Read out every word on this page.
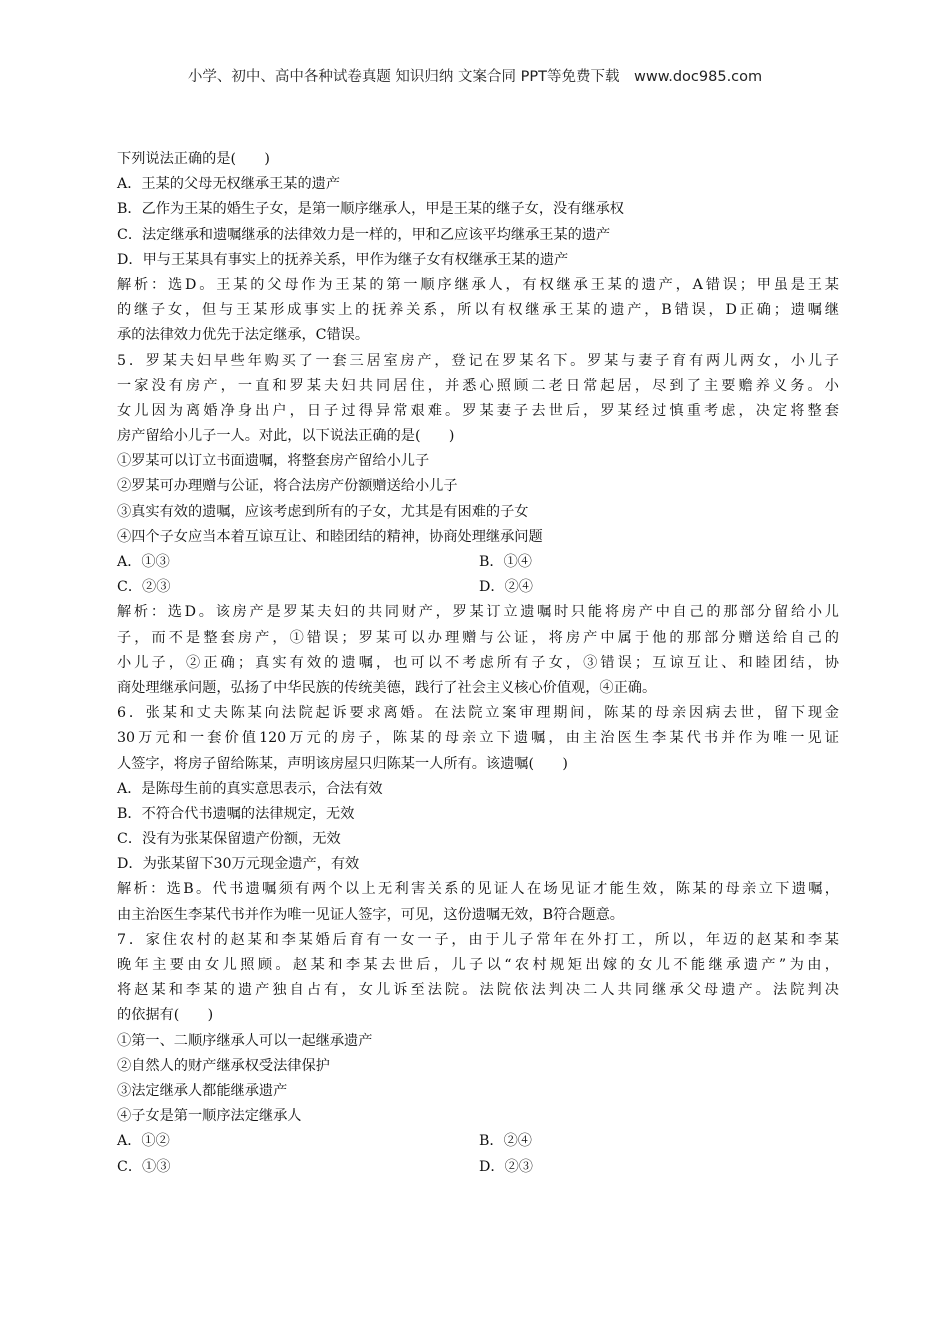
小学、初中、高中各种试卷真题 知识归纳 文案合同 PPT等免费下载　www.doc985.com
下列说法正确的是(　　)
A．王某的父母无权继承王某的遗产
B．乙作为王某的婚生子女，是第一顺序继承人，甲是王某的继子女，没有继承权
C．法定继承和遗嘱继承的法律效力是一样的，甲和乙应该平均继承王某的遗产
D．甲与王某具有事实上的抚养关系，甲作为继子女有权继承王某的遗产
解析：选D。王某的父母作为王某的第一顺序继承人，有权继承王某的遗产，A错误；甲虽是王某
的继子女，但与王某形成事实上的抚养关系，所以有权继承王某的遗产，B错误，D正确；遗嘱继
承的法律效力优先于法定继承，C错误。
5．罗某夫妇早些年购买了一套三居室房产，登记在罗某名下。罗某与妻子育有两儿两女，小儿子
一家没有房产，一直和罗某夫妇共同居住，并悉心照顾二老日常起居，尽到了主要赡养义务。小
女儿因为离婚净身出户，日子过得异常艰难。罗某妻子去世后，罗某经过慎重考虑，决定将整套
房产留给小儿子一人。对此，以下说法正确的是(　　)
①罗某可以订立书面遗嘱，将整套房产留给小儿子
②罗某可办理赠与公证，将合法房产份额赠送给小儿子
③真实有效的遗嘱，应该考虑到所有的子女，尤其是有困难的子女
④四个子女应当本着互谅互让、和睦团结的精神，协商处理继承问题
A．①③	B．①④
C．②③	D．②④
解析：选D。该房产是罗某夫妇的共同财产，罗某订立遗嘱时只能将房产中自己的那部分留给小儿
子，而不是整套房产，①错误；罗某可以办理赠与公证，将房产中属于他的那部分赠送给自己的
小儿子，②正确；真实有效的遗嘱，也可以不考虑所有子女，③错误；互谅互让、和睦团结，协
商处理继承问题，弘扬了中华民族的传统美德，践行了社会主义核心价值观，④正确。
6．张某和丈夫陈某向法院起诉要求离婚。在法院立案审理期间，陈某的母亲因病去世，留下现金
30万元和一套价值120万元的房子，陈某的母亲立下遗嘱，由主治医生李某代书并作为唯一见证
人签字，将房子留给陈某，声明该房屋只归陈某一人所有。该遗嘱(　　)
A．是陈母生前的真实意思表示，合法有效
B．不符合代书遗嘱的法律规定，无效
C．没有为张某保留遗产份额，无效
D．为张某留下30万元现金遗产，有效
解析：选B。代书遗嘱须有两个以上无利害关系的见证人在场见证才能生效，陈某的母亲立下遗嘱，
由主治医生李某代书并作为唯一见证人签字，可见，这份遗嘱无效，B符合题意。
7．家住农村的赵某和李某婚后育有一女一子，由于儿子常年在外打工，所以，年迈的赵某和李某
晚年主要由女儿照顾。赵某和李某去世后，儿子以“农村规矩出嫁的女儿不能继承遗产”为由，
将赵某和李某的遗产独自占有，女儿诉至法院。法院依法判决二人共同继承父母遗产。法院判决
的依据有(　　)
①第一、二顺序继承人可以一起继承遗产
②自然人的财产继承权受法律保护
③法定继承人都能继承遗产
④子女是第一顺序法定继承人
A．①②	B．②④
C．①③	D．②③
